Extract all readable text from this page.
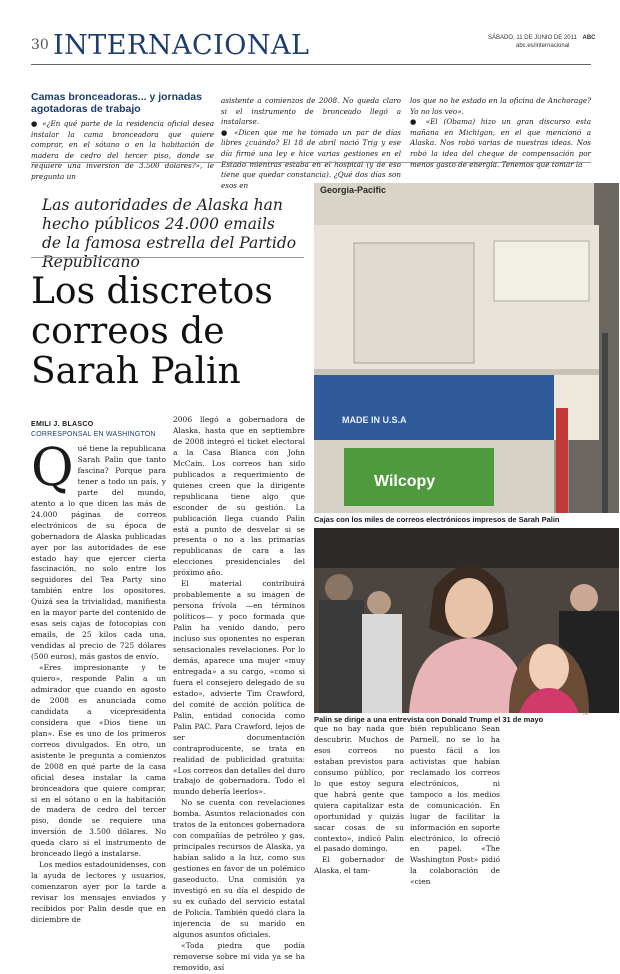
30 INTERNACIONAL	SÁBADO, 11 DE JUNIO DE 2011 ABC
abc.es/internacional
Camas bronceadoras... y jornadas agotadoras de trabajo

● «¿En qué parte de la residencia oficial desea instalar la cama bronceadora que quiere comprar, en el sótano o en la habitación de madera de cedro del tercer piso, donde se requiere una inversión de 3.500 dólares?», le pregunta un

asistente a comienzos de 2008. No queda claro si el instrumento de bronceado llegó a instalarse.

● «Dicen que me he tomado un par de días libres ¿cuándo? El 18 de abril nació Trig y ese día firmé una ley e hice varias gestiones en el Estado mientras estaba en el hospital (y de eso tiene que quedar constancia). ¿Qué dos días son esos en

los que no he estado en la oficina de Anchorage? Yo no los veo».

● «El (Obama) hizo un gran discurso esta mañana en Michigan, en el que mencionó a Alaska. Nos robó varias de nuestras ideas. Nos robó la idea del cheque de compensación por menos gasto de energía. Tenemos que tomar la

Las autoridades de Alaska han hecho públicos 24.000 emails de la famosa estrella del Partido Republicano
Los discretos correos de Sarah Palin
EMILI J. BLASCO
CORRESPONSAL EN WASHINGTON

Qué tiene la republicana Sarah Palin que tanto fascina? Porque para tener a todo un país, y parte del mundo, atento a lo que dicen las más de 24.000 páginas de correos electrónicos de su época de gobernadora de Alaska publicadas ayer por las autoridades de ese estado hay que ejercer cierta fascinación, no solo entre los seguidores del Tea Party sino también entre los opositores. Quizá sea la trivialidad, manifiesta en la mayor parte del contenido de esas seis cajas de fotocopias con emails, de 25 kilos cada una, vendidas al precio de 725 dólares (500 euros), más gastos de envío.

«Eres impresionante y te quiero», responde Palin a un admirador que cuando en agosto de 2008 es anunciada como candidata a vicepresidenta considera que «Dios tiene un plan». Ese es uno de los primeros correos divulgados. En otro, un asistente le pregunta a comienzos de 2008 en qué parte de la casa oficial desea instalar la cama bronceadora que quiere comprar, si en el sótano o en la habitación de madera de cedro del tercer piso, donde se requiere una inversión de 3.500 dólares. No queda claro si el instrumento de bronceado llegó a instalarse.

Los medios estadounidenses, con la ayuda de lectores y usuarios, comenzaron ayer por la tarde a revisar los mensajes enviados y recibidos por Palin desde que en diciembre de

2006 llegó a gobernadora de Alaska, hasta que en septiembre de 2008 integró el ticket electoral a la Casa Blanca con John McCain. Los correos han sido publicados a requerimiento de quienes creen que la dirigente republicana tiene algo que esconder de su gestión. La publicación llega cuando Palin está a punto de desvelar si se presenta o no a las primarias republicanas de cara a las elecciones presidenciales del próximo año.

El material contribuirá probablemente a su imagen de persona frívola —en términos políticos— y poco formada que Palin ha venido dando, pero incluso sus oponentes no esperan sensacionales revelaciones. Por lo demás, aparece una mujer «muy entregada» a su cargo, «como si fuera el consejero delegado de su estado», advierte Tim Crawford, del comité de acción política de Palin, entidad conocida como Palin PAC. Para Crawford, lejos de ser documentación contraproducente, se trata en realidad de publicidad gratuita: «Los correos dan detalles del duro trabajo de gobernadora. Todo el mundo debería leerlos».

No se cuenta con revelaciones bomba. Asuntos relacionados con tratos de la entonces gobernadora con compañías de petróleo y gas, principales recursos de Alaska, ya habían salido a la luz, como sus gestiones en favor de un polémico gaseoducto. Una comisión ya investigó en su día el despido de su ex cuñado del servicio estatal de Policía. También quedó clara la injerencia de su marido en algunos asuntos oficiales.

«Toda piedra que podía removerse sobre mi vida ya se ha removido, así

que no hay nada que descubrir. Muchos de esos correos no estaban previstos para consumo público, por lo que estoy segura que habrá gente que quiera capitalizar esta oportunidad y quizás sacar cosas de su contexto», indicó Palin el pasado domingo.

El gobernador de Alaska, el tam-

bién republicano Sean Parnell, no se lo ha puesto fácil a los activistas que habían reclamado los correos electrónicos, ni tampoco a los medios de comunicación. En lugar de facilitar la información en soporte electrónico, lo ofreció en papel. «The Washington Post» pidió la colaboración de «cien

Georgia-Pacific
MADE IN U.S.A
Wilcopy
Cajas con los miles de correos electrónicos impresos de Sarah Palin
AP
Palin se dirige a una entrevista con Donald Trump el 31 de mayo
